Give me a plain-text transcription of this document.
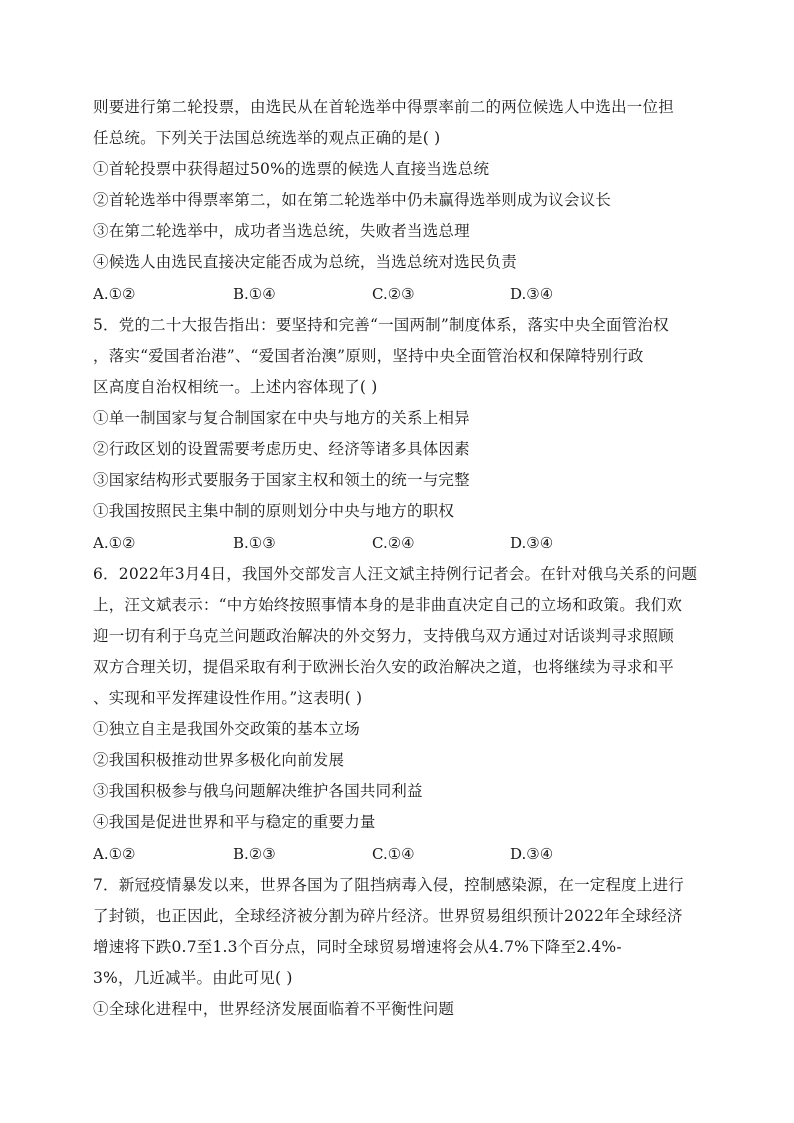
则要进行第二轮投票，由选民从在首轮选举中得票率前二的两位候选人中选出一位担
任总统。下列关于法国总统选举的观点正确的是( )
①首轮投票中获得超过50%的选票的候选人直接当选总统
②首轮选举中得票率第二，如在第二轮选举中仍未赢得选举则成为议会议长
③在第二轮选举中，成功者当选总统，失败者当选总理
④候选人由选民直接决定能否成为总统，当选总统对选民负责
A.①②	B.①④	C.②③	D.③④
5．党的二十大报告指出：要坚持和完善“一国两制”制度体系，落实中央全面管治权
，落实“爱国者治港”、“爱国者治澳”原则，坚持中央全面管治权和保障特别行政
区高度自治权相统一。上述内容体现了( )
①单一制国家与复合制国家在中央与地方的关系上相异
②行政区划的设置需要考虑历史、经济等诸多具体因素
③国家结构形式要服务于国家主权和领土的统一与完整
①我国按照民主集中制的原则划分中央与地方的职权
A.①②	B.①③	C.②④	D.③④
6．2022年3月4日，我国外交部发言人汪文斌主持例行记者会。在针对俄乌关系的问题
上，汪文斌表示：“中方始终按照事情本身的是非曲直决定自己的立场和政策。我们欢
迎一切有利于乌克兰问题政治解决的外交努力，支持俄乌双方通过对话谈判寻求照顾
双方合理关切，提倡采取有利于欧洲长治久安的政治解决之道，也将继续为寻求和平
、实现和平发挥建设性作用。”这表明( )
①独立自主是我国外交政策的基本立场
②我国积极推动世界多极化向前发展
③我国积极参与俄乌问题解决维护各国共同利益
④我国是促进世界和平与稳定的重要力量
A.①②	B.②③	C.①④	D.③④
7．新冠疫情暴发以来，世界各国为了阻挡病毒入侵，控制感染源，在一定程度上进行
了封锁，也正因此，全球经济被分割为碎片经济。世界贸易组织预计2022年全球经济
增速将下跌0.7至1.3个百分点，同时全球贸易增速将会从4.7%下降至2.4%-
3%，几近减半。由此可见( )
①全球化进程中，世界经济发展面临着不平衡性问题
